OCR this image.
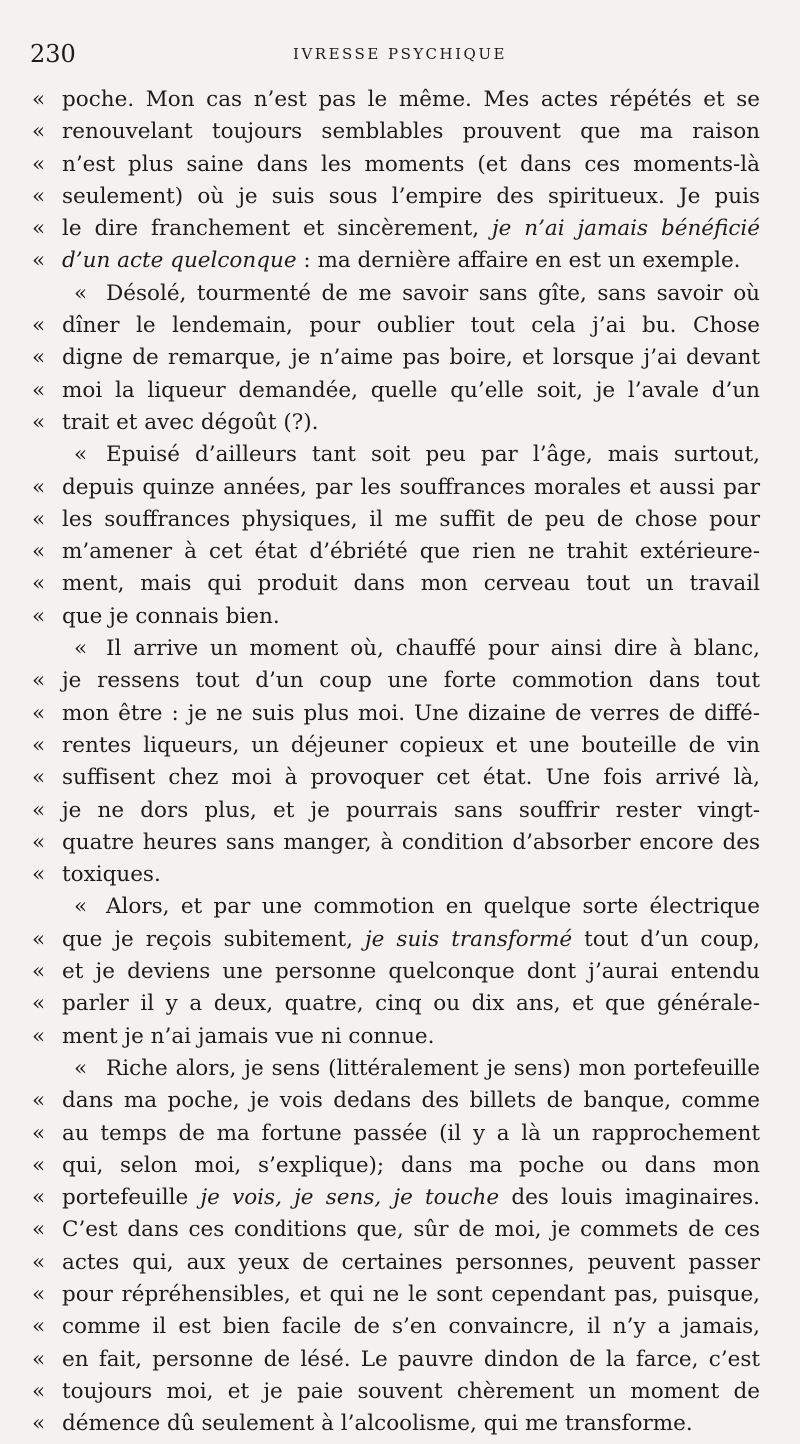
230	IVRESSE PSYCHIQUE
« poche. Mon cas n’est pas le même. Mes actes répétés et se
« renouvelant toujours semblables prouvent que ma raison
« n’est plus saine dans les moments (et dans ces moments-là
« seulement) où je suis sous l’empire des spiritueux. Je puis
« le dire franchement et sincèrement, je n’ai jamais bénéficié
« d’un acte quelconque : ma dernière affaire en est un exemple.
« Désolé, tourmenté de me savoir sans gîte, sans savoir où
« dîner le lendemain, pour oublier tout cela j’ai bu. Chose
« digne de remarque, je n’aime pas boire, et lorsque j’ai devant
« moi la liqueur demandée, quelle qu’elle soit, je l’avale d’un
« trait et avec dégoût (?).
« Epuisé d’ailleurs tant soit peu par l’âge, mais surtout,
« depuis quinze années, par les souffrances morales et aussi par
« les souffrances physiques, il me suffit de peu de chose pour
« m’amener à cet état d’ébriété que rien ne trahit extérieure-
« ment, mais qui produit dans mon cerveau tout un travail
« que je connais bien.
« Il arrive un moment où, chauffé pour ainsi dire à blanc,
« je ressens tout d’un coup une forte commotion dans tout
« mon être : je ne suis plus moi. Une dizaine de verres de diffé-
« rentes liqueurs, un déjeuner copieux et une bouteille de vin
« suffisent chez moi à provoquer cet état. Une fois arrivé là,
« je ne dors plus, et je pourrais sans souffrir rester vingt-
« quatre heures sans manger, à condition d’absorber encore des
« toxiques.
« Alors, et par une commotion en quelque sorte électrique
« que je reçois subitement, je suis transformé tout d’un coup,
« et je deviens une personne quelconque dont j’aurai entendu
« parler il y a deux, quatre, cinq ou dix ans, et que générale-
« ment je n’ai jamais vue ni connue.
« Riche alors, je sens (littéralement je sens) mon portefeuille
« dans ma poche, je vois dedans des billets de banque, comme
« au temps de ma fortune passée (il y a là un rapprochement
« qui, selon moi, s’explique); dans ma poche ou dans mon
« portefeuille je vois, je sens, je touche des louis imaginaires.
« C’est dans ces conditions que, sûr de moi, je commets de ces
« actes qui, aux yeux de certaines personnes, peuvent passer
« pour répréhensibles, et qui ne le sont cependant pas, puisque,
« comme il est bien facile de s’en convaincre, il n’y a jamais,
« en fait, personne de lésé. Le pauvre dindon de la farce, c’est
« toujours moi, et je paie souvent chèrement un moment de
« démence dû seulement à l’alcoolisme, qui me transforme.
